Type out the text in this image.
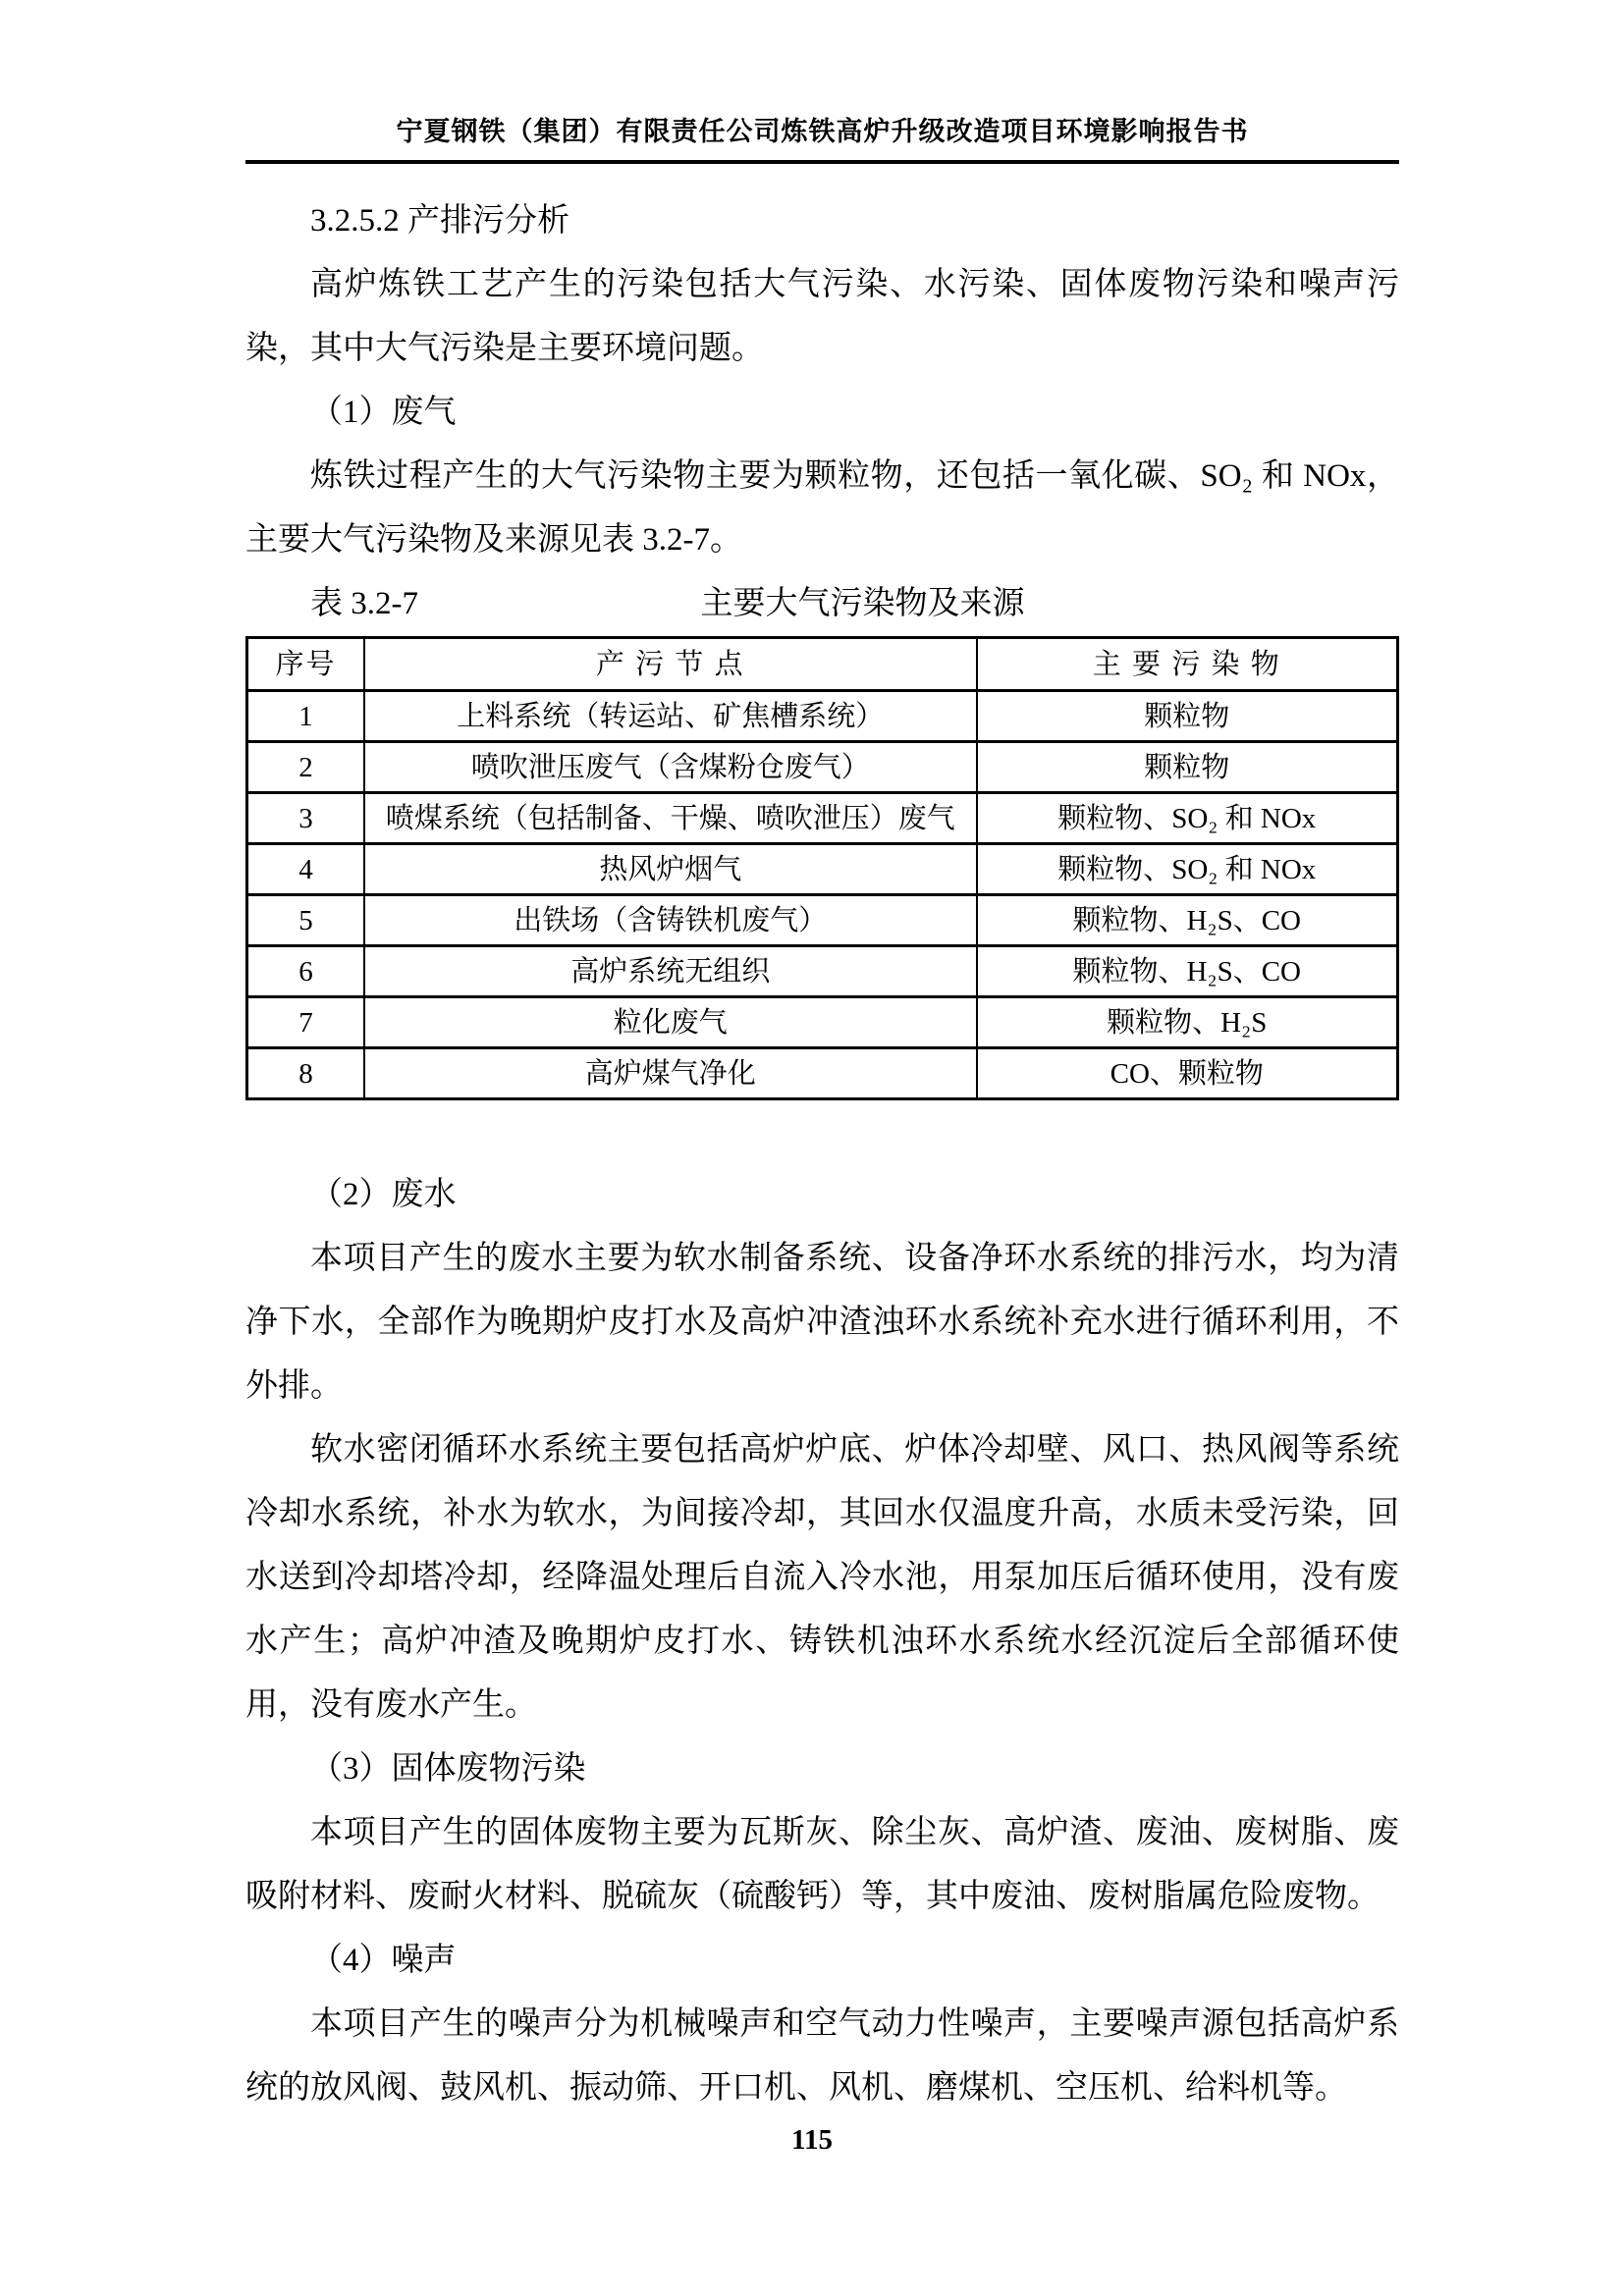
宁夏钢铁（集团）有限责任公司炼铁高炉升级改造项目环境影响报告书
3.2.5.2 产排污分析

高炉炼铁工艺产生的污染包括大气污染、水污染、固体废物污染和噪声污染，其中大气污染是主要环境问题。

（1）废气

炼铁过程产生的大气污染物主要为颗粒物，还包括一氧化碳、SO₂ 和 NOx，主要大气污染物及来源见表 3.2-7。

表 3.2-7	主要大气污染物及来源
序号	产 污 节 点	主 要 污 染 物
1	上料系统（转运站、矿焦槽系统）	颗粒物
2	喷吹泄压废气（含煤粉仓废气）	颗粒物
3	喷煤系统（包括制备、干燥、喷吹泄压）废气	颗粒物、SO₂ 和 NOx
4	热风炉烟气	颗粒物、SO₂ 和 NOx
5	出铁场（含铸铁机废气）	颗粒物、H₂S、CO
6	高炉系统无组织	颗粒物、H₂S、CO
7	粒化废气	颗粒物、H₂S
8	高炉煤气净化	CO、颗粒物
（2）废水

本项目产生的废水主要为软水制备系统、设备净环水系统的排污水，均为清净下水，全部作为晚期炉皮打水及高炉冲渣浊环水系统补充水进行循环利用，不外排。

软水密闭循环水系统主要包括高炉炉底、炉体冷却壁、风口、热风阀等系统冷却水系统，补水为软水，为间接冷却，其回水仅温度升高，水质未受污染，回水送到冷却塔冷却，经降温处理后自流入冷水池，用泵加压后循环使用，没有废水产生；高炉冲渣及晚期炉皮打水、铸铁机浊环水系统水经沉淀后全部循环使用，没有废水产生。

（3）固体废物污染

本项目产生的固体废物主要为瓦斯灰、除尘灰、高炉渣、废油、废树脂、废吸附材料、废耐火材料、脱硫灰（硫酸钙）等，其中废油、废树脂属危险废物。

（4）噪声

本项目产生的噪声分为机械噪声和空气动力性噪声，主要噪声源包括高炉系统的放风阀、鼓风机、振动筛、开口机、风机、磨煤机、空压机、给料机等。

115
